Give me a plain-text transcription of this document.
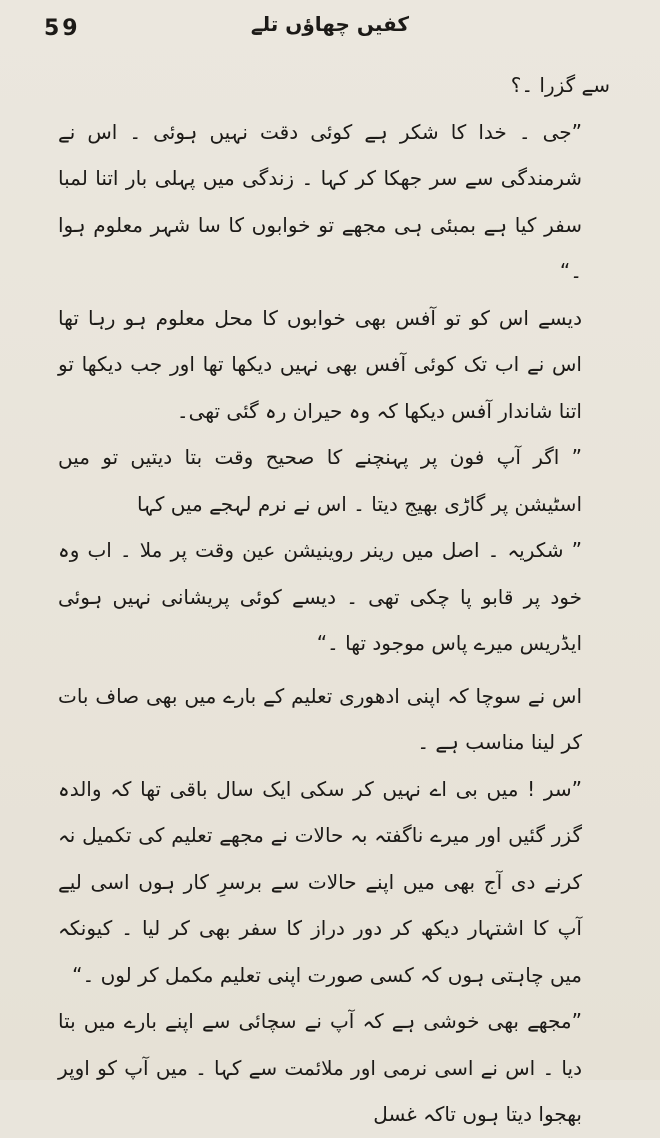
59	کفیں چھاؤں تلے

سے گزرا ۔؟

”جی ۔ خدا کا شکر ہے کوئی دقت نہیں ہوئی ۔ اس نے شرمندگی سے سر جھکا کر کہا ۔ زندگی میں پہلی بار اتنا لمبا سفر کیا ہے بمبئی ہی مجھے تو خوابوں کا سا شہر معلوم ہوا ۔“

دیسے اس کو تو آفس بھی خوابوں کا محل معلوم ہو رہا تھا اس نے اب تک کوئی آفس بھی نہیں دیکھا تھا اور جب دیکھا تو اتنا شاندار آفس دیکھا کہ وہ حیران رہ گئی تھی۔

” اگر آپ فون پر پہنچنے کا صحیح وقت بتا دیتیں تو میں اسٹیشن پر گاڑی بھیج دیتا ۔ اس نے نرم لہجے میں کہا

” شکریہ ۔ اصل میں رینر روینیشن عین وقت پر ملا ۔ اب وہ خود پر قابو پا چکی تھی ۔ دیسے کوئی پریشانی نہیں ہوئی ایڈریس میرے پاس موجود تھا ۔“

اس نے سوچا کہ اپنی ادھوری تعلیم کے بارے میں بھی صاف بات کر لینا مناسب ہے ۔

”سر ! میں بی اے نہیں کر سکی ایک سال باقی تھا کہ والدہ گزر گئیں اور میرے ناگفتہ بہ حالات نے مجھے تعلیم کی تکمیل نہ کرنے دی آج بھی میں اپنے حالات سے برسرِ کار ہوں اسی لیے آپ کا اشتہار دیکھ کر دور دراز کا سفر بھی کر لیا ۔ کیونکہ میں چاہتی ہوں کہ کسی صورت اپنی تعلیم مکمل کر لوں ۔“

”مجھے بھی خوشی ہے کہ آپ نے سچائی سے اپنے بارے میں بتا دیا ۔ اس نے اسی نرمی اور ملائمت سے کہا ۔ میں آپ کو اوپر بھجوا دیتا ہوں تاکہ غسل
